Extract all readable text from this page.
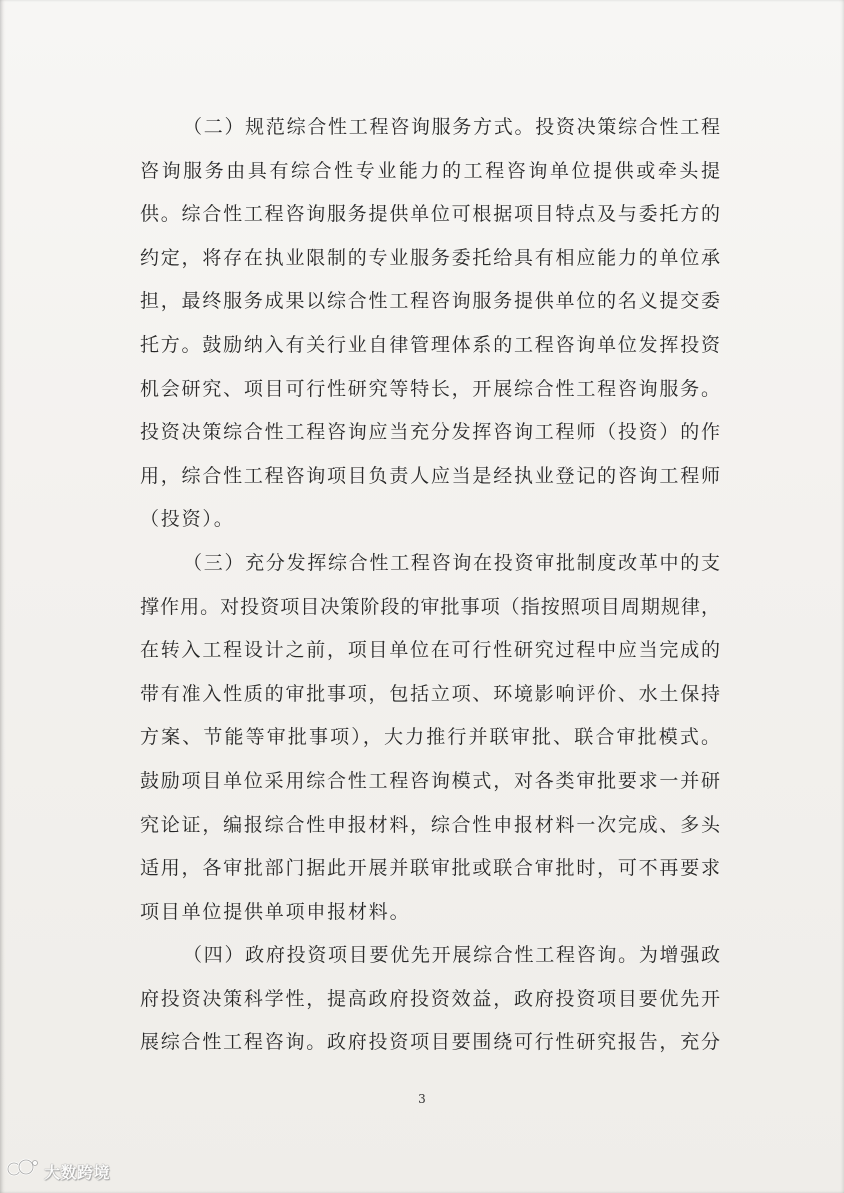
（二）规范综合性工程咨询服务方式。投资决策综合性工程
咨询服务由具有综合性专业能力的工程咨询单位提供或牵头提
供。综合性工程咨询服务提供单位可根据项目特点及与委托方的
约定，将存在执业限制的专业服务委托给具有相应能力的单位承
担，最终服务成果以综合性工程咨询服务提供单位的名义提交委
托方。鼓励纳入有关行业自律管理体系的工程咨询单位发挥投资
机会研究、项目可行性研究等特长，开展综合性工程咨询服务。
投资决策综合性工程咨询应当充分发挥咨询工程师（投资）的作
用，综合性工程咨询项目负责人应当是经执业登记的咨询工程师
（投资）。
（三）充分发挥综合性工程咨询在投资审批制度改革中的支
撑作用。对投资项目决策阶段的审批事项（指按照项目周期规律，
在转入工程设计之前，项目单位在可行性研究过程中应当完成的
带有准入性质的审批事项，包括立项、环境影响评价、水土保持
方案、节能等审批事项），大力推行并联审批、联合审批模式。
鼓励项目单位采用综合性工程咨询模式，对各类审批要求一并研
究论证，编报综合性申报材料，综合性申报材料一次完成、多头
适用，各审批部门据此开展并联审批或联合审批时，可不再要求
项目单位提供单项申报材料。
（四）政府投资项目要优先开展综合性工程咨询。为增强政
府投资决策科学性，提高政府投资效益，政府投资项目要优先开
展综合性工程咨询。政府投资项目要围绕可行性研究报告，充分
3
大数跨境
